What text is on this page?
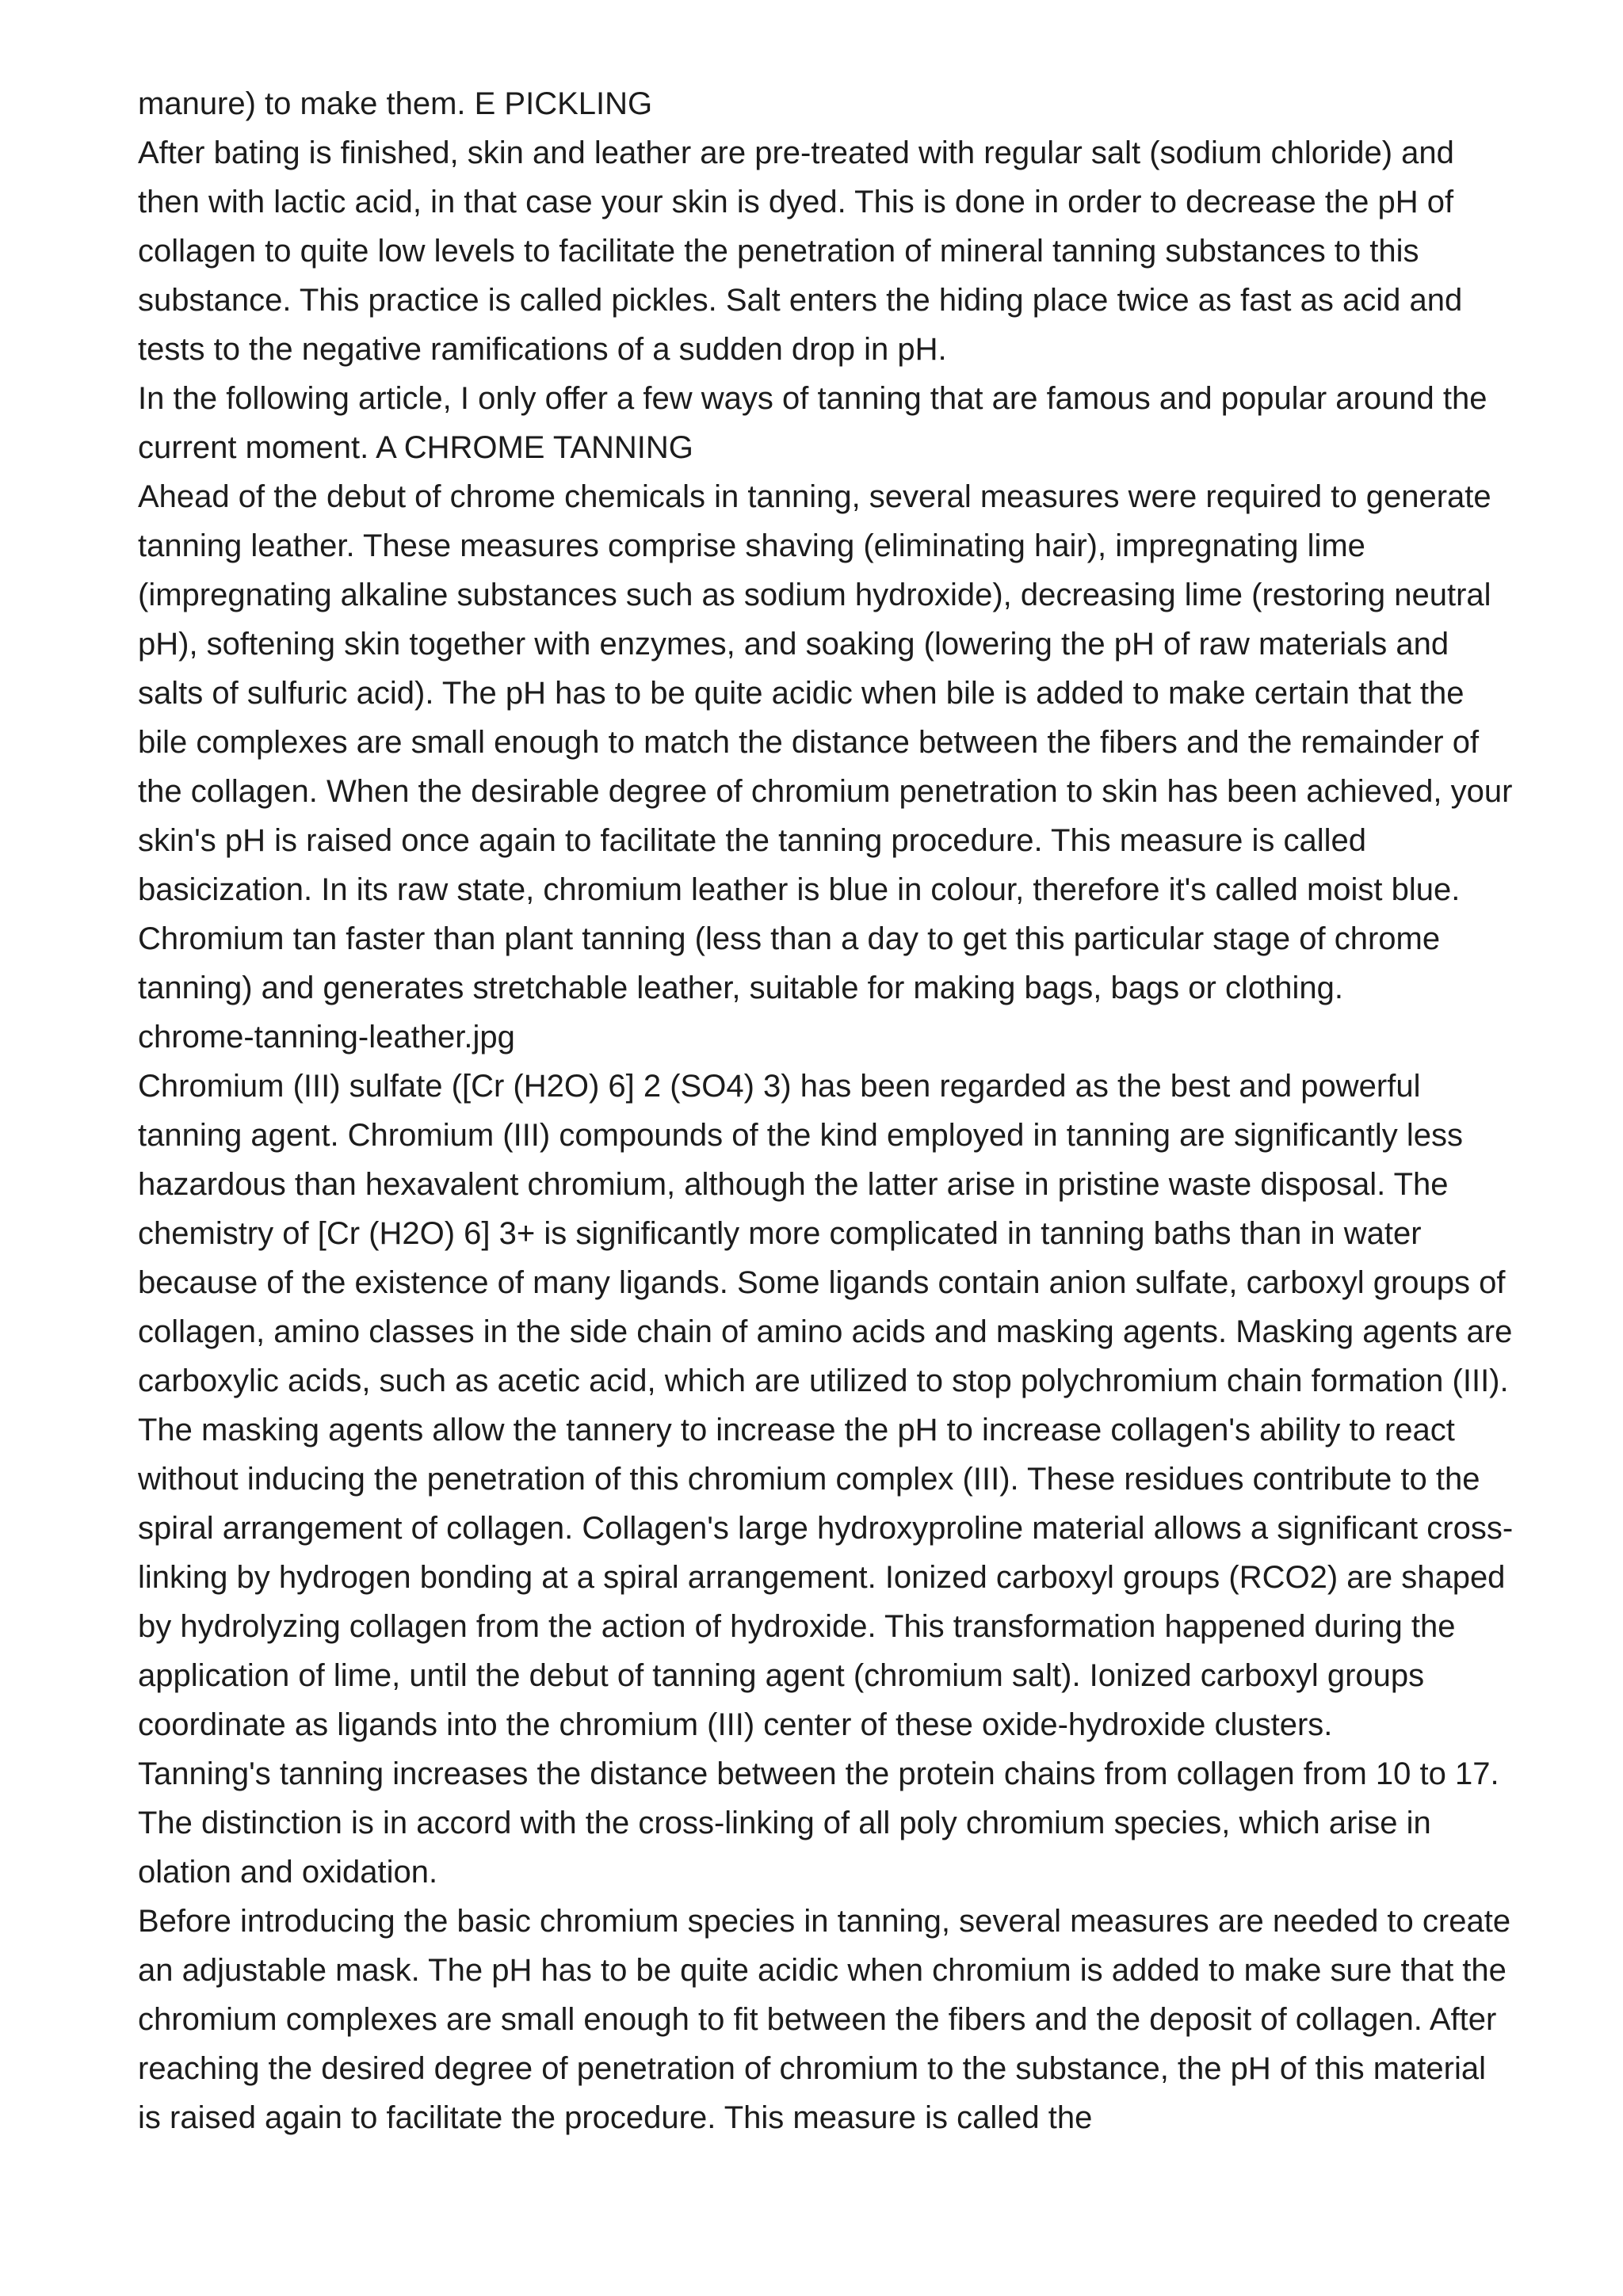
manure) to make them. E PICKLING

After bating is finished, skin and leather are pre-treated with regular salt (sodium chloride) and then with lactic acid, in that case your skin is dyed. This is done in order to decrease the pH of collagen to quite low levels to facilitate the penetration of mineral tanning substances to this substance. This practice is called pickles. Salt enters the hiding place twice as fast as acid and tests to the negative ramifications of a sudden drop in pH.

In the following article, I only offer a few ways of tanning that are famous and popular around the current moment. A CHROME TANNING

Ahead of the debut of chrome chemicals in tanning, several measures were required to generate tanning leather. These measures comprise shaving (eliminating hair), impregnating lime (impregnating alkaline substances such as sodium hydroxide), decreasing lime (restoring neutral pH), softening skin together with enzymes, and soaking (lowering the pH of raw materials and salts of sulfuric acid). The pH has to be quite acidic when bile is added to make certain that the bile complexes are small enough to match the distance between the fibers and the remainder of the collagen. When the desirable degree of chromium penetration to skin has been achieved, your skin's pH is raised once again to facilitate the tanning procedure. This measure is called basicization. In its raw state, chromium leather is blue in colour, therefore it's called moist blue. Chromium tan faster than plant tanning (less than a day to get this particular stage of chrome tanning) and generates stretchable leather, suitable for making bags, bags or clothing.

chrome-tanning-leather.jpg

Chromium (III) sulfate ([Cr (H2O) 6] 2 (SO4) 3) has been regarded as the best and powerful tanning agent. Chromium (III) compounds of the kind employed in tanning are significantly less hazardous than hexavalent chromium, although the latter arise in pristine waste disposal. The chemistry of [Cr (H2O) 6] 3+ is significantly more complicated in tanning baths than in water because of the existence of many ligands. Some ligands contain anion sulfate, carboxyl groups of collagen, amino classes in the side chain of amino acids and masking agents. Masking agents are carboxylic acids, such as acetic acid, which are utilized to stop polychromium chain formation (III). The masking agents allow the tannery to increase the pH to increase collagen's ability to react without inducing the penetration of this chromium complex (III). These residues contribute to the spiral arrangement of collagen. Collagen's large hydroxyproline material allows a significant cross-linking by hydrogen bonding at a spiral arrangement. Ionized carboxyl groups (RCO2) are shaped by hydrolyzing collagen from the action of hydroxide. This transformation happened during the application of lime, until the debut of tanning agent (chromium salt). Ionized carboxyl groups coordinate as ligands into the chromium (III) center of these oxide-hydroxide clusters.

Tanning's tanning increases the distance between the protein chains from collagen from 10 to 17. The distinction is in accord with the cross-linking of all poly chromium species, which arise in olation and oxidation.

Before introducing the basic chromium species in tanning, several measures are needed to create an adjustable mask. The pH has to be quite acidic when chromium is added to make sure that the chromium complexes are small enough to fit between the fibers and the deposit of collagen. After reaching the desired degree of penetration of chromium to the substance, the pH of this material is raised again to facilitate the procedure. This measure is called the
